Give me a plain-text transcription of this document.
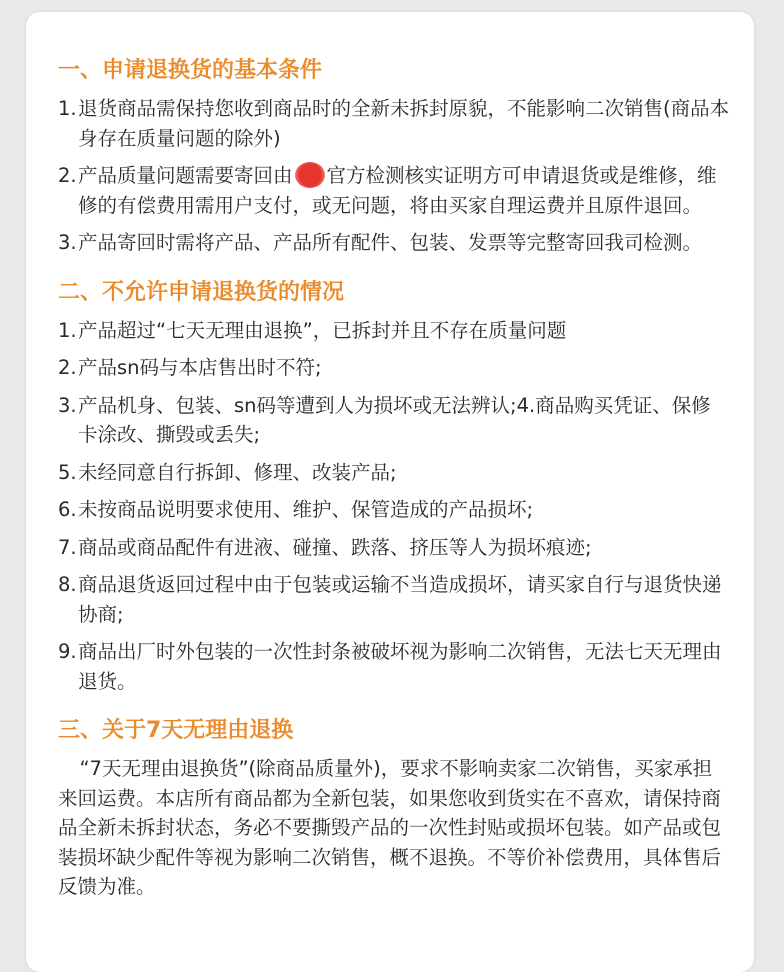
一、申请退换货的基本条件
1. 退货商品需保持您收到商品时的全新未拆封原貌，不能影响二次销售(商品本身存在质量问题的除外)
2. 产品质量问题需要寄回由 官方检测核实证明方可申请退货或是维修，维修的有偿费用需用户支付，或无问题，将由买家自理运费并且原件退回。
3. 产品寄回时需将产品、产品所有配件、包装、发票等完整寄回我司检测。
二、不允许申请退换货的情况
1. 产品超过“七天无理由退换”，已拆封并且不存在质量问题
2. 产品sn码与本店售出时不符;
3. 产品机身、包装、sn码等遭到人为损坏或无法辨认;4.商品购买凭证、保修卡涂改、撕毁或丢失;
5. 未经同意自行拆卸、修理、改装产品;
6. 未按商品说明要求使用、维护、保管造成的产品损坏;
7. 商品或商品配件有进液、碰撞、跌落、挤压等人为损坏痕迹;
8. 商品退货返回过程中由于包装或运输不当造成损坏，请买家自行与退货快递协商;
9. 商品出厂时外包装的一次性封条被破坏视为影响二次销售，无法七天无理由退货。
三、关于7天无理由退换

“7天无理由退换货”(除商品质量外)，要求不影响卖家二次销售，买家承担来回运费。本店所有商品都为全新包装，如果您收到货实在不喜欢，请保持商品全新未拆封状态，务必不要撕毁产品的一次性封贴或损坏包装。如产品或包装损坏缺少配件等视为影响二次销售，概不退换。不等价补偿费用，具体售后反馈为准。
